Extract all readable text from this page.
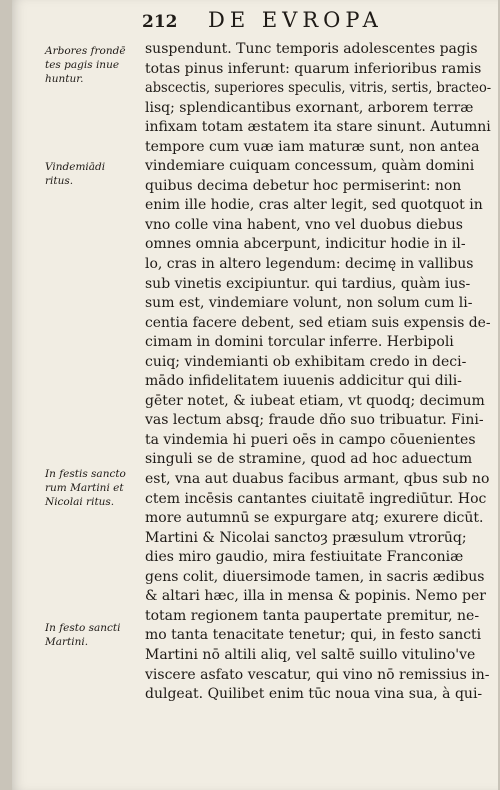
212 DE EVROPA
Arbores frondē
tes pagis inue
huntur.
Vindemiādi
ritus.
In festis sancto
rum Martini et
Nicolai ritus.
In festo sancti
Martini.
suspendunt. Tunc temporis adolescentes pagis
totas pinus inferunt: quarum inferioribus ramis
abscectis, superiores speculis, vitris, sertis, bracteo-
lisq; splendicantibus exornant, arborem terræ
infixam totam æstatem ita stare sinunt. Autumni
tempore cum vuæ iam maturæ sunt, non antea
vindemiare cuiquam concessum, quàm domini
quibus decima debetur hoc permiserint: non
enim ille hodie, cras alter legit, sed quotquot in
vno colle vina habent, vno vel duobus diebus
omnes omnia abcerpunt, indicitur hodie in il-
lo, cras in altero legendum: decimę in vallibus
sub vinetis excipiuntur. qui tardius, quàm ius-
sum est, vindemiare volunt, non solum cum li-
centia facere debent, sed etiam suis expensis de-
cimam in domini torcular inferre. Herbipoli
cuiq; vindemianti ob exhibitam credo in deci-
mādo infidelitatem iuuenis addicitur qui dili-
gēter notet, & iubeat etiam, vt quodq; decimum
vas lectum absq; fraude dño suo tribuatur. Fini-
ta vindemia hi pueri oēs in campo cōuenientes
singuli se de stramine, quod ad hoc aduectum
est, vna aut duabus facibus armant, qbus sub no
ctem incēsis cantantes ciuitatē ingrediūtur. Hoc
more autumnū se expurgare atq; exurere dicūt.
Martini & Nicolai sanctoȝ præsulum vtrorūq;
dies miro gaudio, mira festiuitate Franconiæ
gens colit, diuersimode tamen, in sacris ædibus
& altari hæc, illa in mensa & popinis. Nemo per
totam regionem tanta paupertate premitur, ne-
mo tanta tenacitate tenetur; qui, in festo sancti
Martini nō altili aliq, vel saltē suillo vitulino've
viscere asfato vescatur, qui vino nō remissius in-
dulgeat. Quilibet enim tūc noua vina sua, à qui-
